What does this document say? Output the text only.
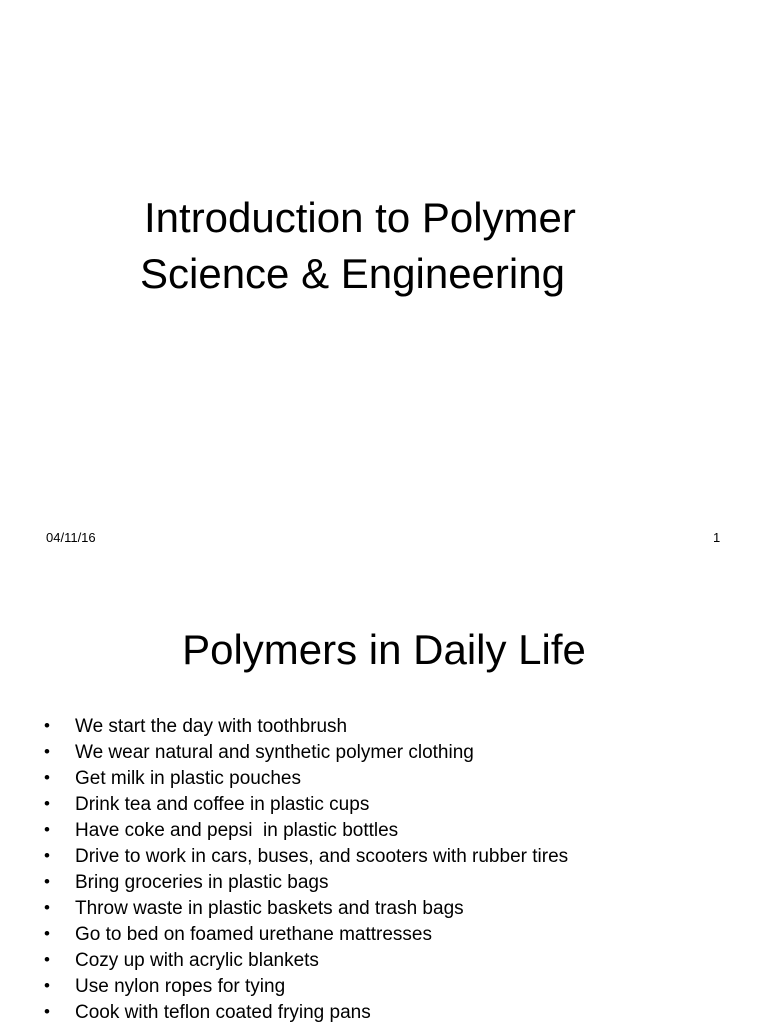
Introduction to Polymer
Science & Engineering
04/11/16	1
Polymers in Daily Life
•	We start the day with toothbrush
•	We wear natural and synthetic polymer clothing
•	Get milk in plastic pouches
•	Drink tea and coffee in plastic cups
•	Have coke and pepsi  in plastic bottles
•	Drive to work in cars, buses, and scooters with rubber tires
•	Bring groceries in plastic bags
•	Throw waste in plastic baskets and trash bags
•	Go to bed on foamed urethane mattresses
•	Cozy up with acrylic blankets
•	Use nylon ropes for tying
•	Cook with teflon coated frying pans
